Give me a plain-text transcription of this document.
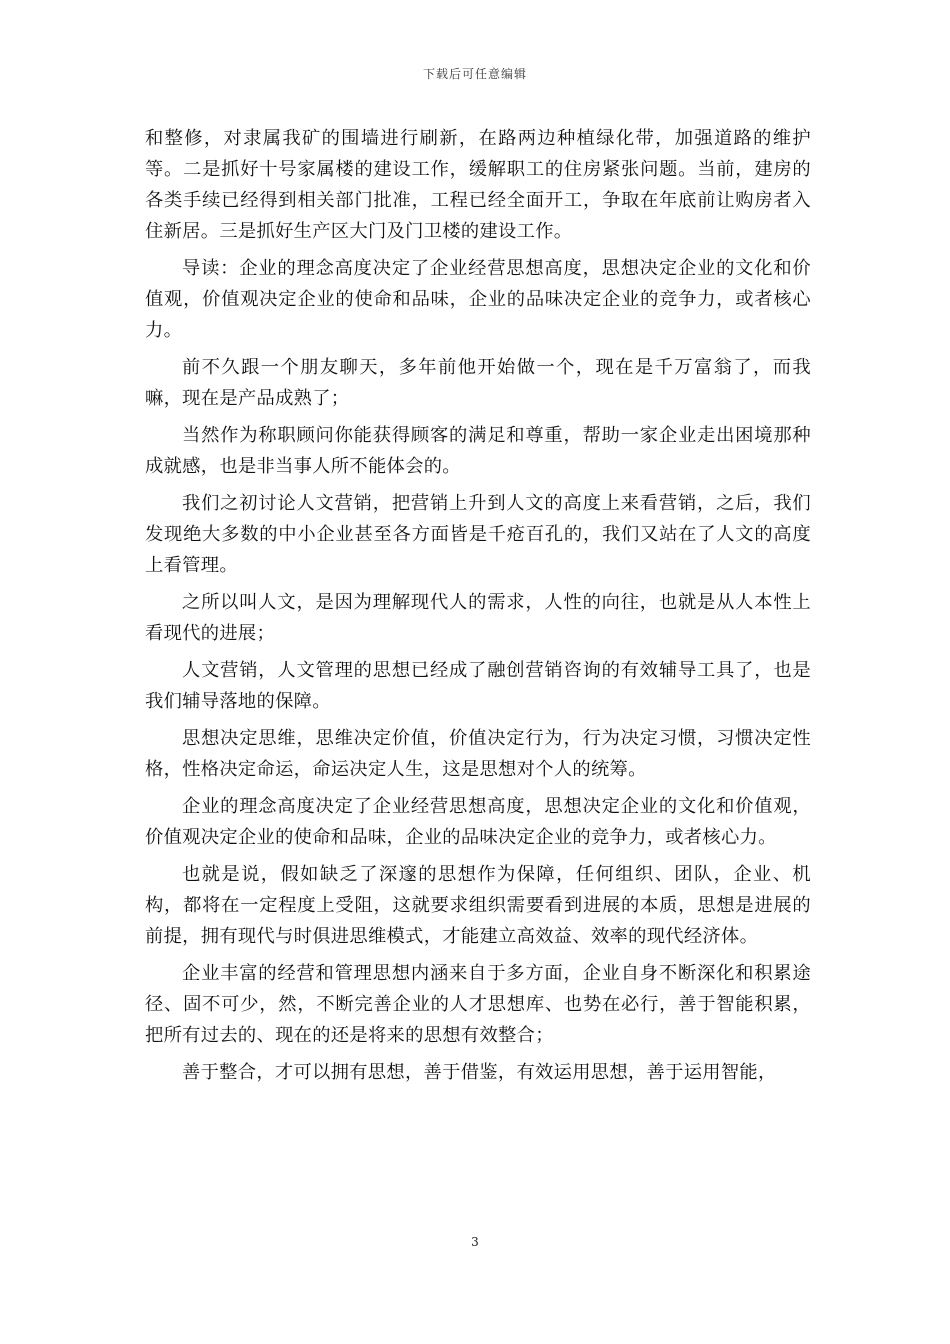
下载后可任意编辑

和整修，对隶属我矿的围墙进行刷新，在路两边种植绿化带，加强道路的维护等。二是抓好十号家属楼的建设工作，缓解职工的住房紧张问题。当前，建房的各类手续已经得到相关部门批准，工程已经全面开工，争取在年底前让购房者入住新居。三是抓好生产区大门及门卫楼的建设工作。

导读：企业的理念高度决定了企业经营思想高度，思想决定企业的文化和价值观，价值观决定企业的使命和品味，企业的品味决定企业的竞争力，或者核心力。

前不久跟一个朋友聊天，多年前他开始做一个，现在是千万富翁了，而我嘛，现在是产品成熟了；

当然作为称职顾问你能获得顾客的满足和尊重，帮助一家企业走出困境那种成就感，也是非当事人所不能体会的。

我们之初讨论人文营销，把营销上升到人文的高度上来看营销，之后，我们发现绝大多数的中小企业甚至各方面皆是千疮百孔的，我们又站在了人文的高度上看管理。

之所以叫人文，是因为理解现代人的需求，人性的向往，也就是从人本性上看现代的进展；

人文营销，人文管理的思想已经成了融创营销咨询的有效辅导工具了，也是我们辅导落地的保障。

思想决定思维，思维决定价值，价值决定行为，行为决定习惯，习惯决定性格，性格决定命运，命运决定人生，这是思想对个人的统筹。

企业的理念高度决定了企业经营思想高度，思想决定企业的文化和价值观，价值观决定企业的使命和品味，企业的品味决定企业的竞争力，或者核心力。

也就是说，假如缺乏了深邃的思想作为保障，任何组织、团队，企业、机构，都将在一定程度上受阻，这就要求组织需要看到进展的本质，思想是进展的前提，拥有现代与时俱进思维模式，才能建立高效益、效率的现代经济体。

企业丰富的经营和管理思想内涵来自于多方面，企业自身不断深化和积累途径、固不可少，然，不断完善企业的人才思想库、也势在必行，善于智能积累，把所有过去的、现在的还是将来的思想有效整合；

善于整合，才可以拥有思想，善于借鉴，有效运用思想，善于运用智能，

3
